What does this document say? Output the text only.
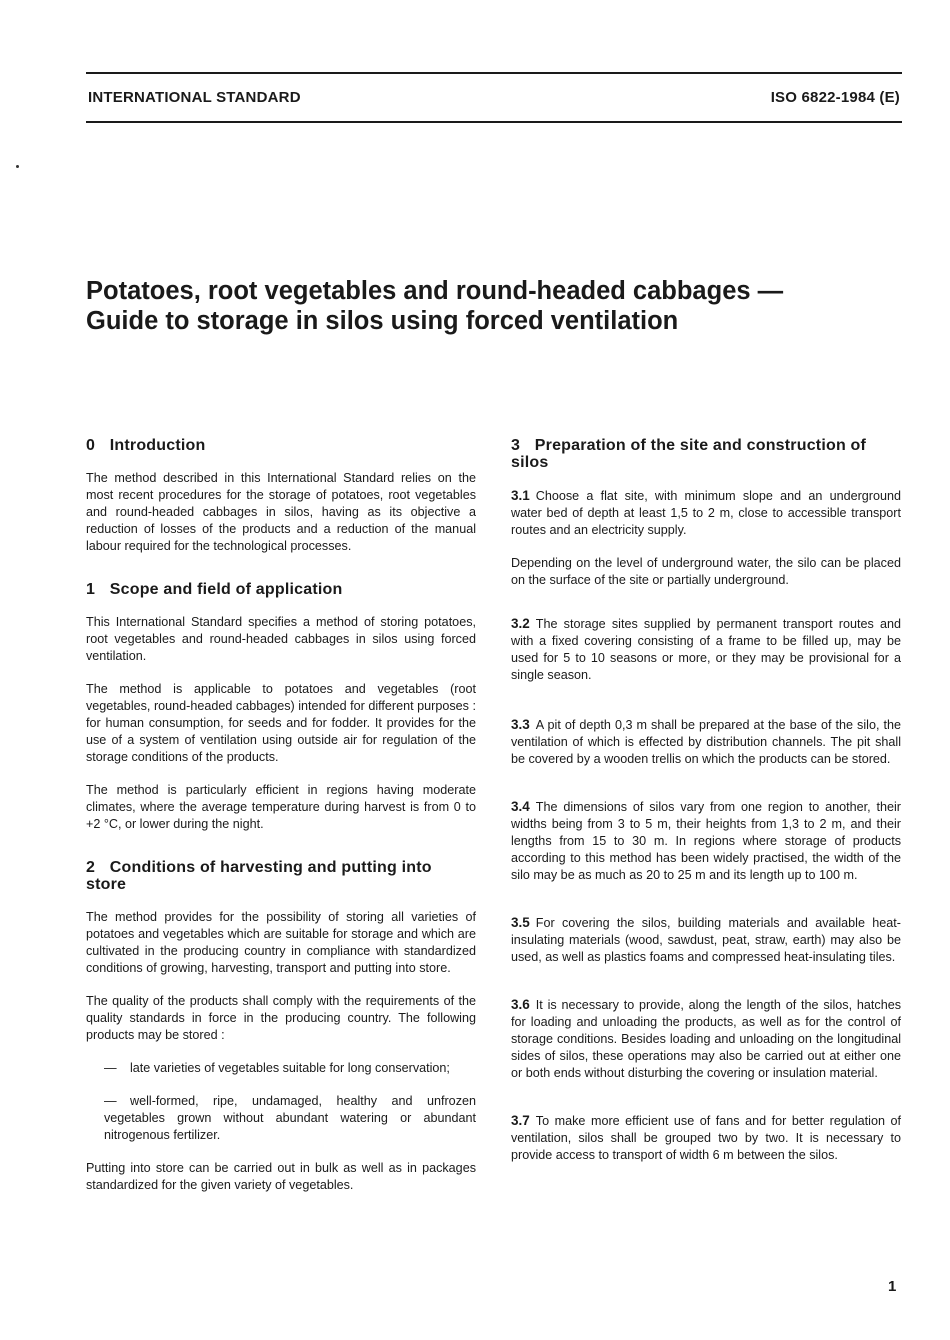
INTERNATIONAL STANDARD	ISO 6822-1984 (E)
Potatoes, root vegetables and round-headed cabbages —
Guide to storage in silos using forced ventilation
0 Introduction

The method described in this International Standard relies on the most recent procedures for the storage of potatoes, root vegetables and round-headed cabbages in silos, having as its objective a reduction of losses of the products and a reduction of the manual labour required for the technological processes.

1 Scope and field of application

This International Standard specifies a method of storing potatoes, root vegetables and round-headed cabbages in silos using forced ventilation.

The method is applicable to potatoes and vegetables (root vegetables, round-headed cabbages) intended for different purposes : for human consumption, for seeds and for fodder. It provides for the use of a system of ventilation using outside air for regulation of the storage conditions of the products.

The method is particularly efficient in regions having moderate climates, where the average temperature during harvest is from 0 to +2 °C, or lower during the night.

2 Conditions of harvesting and putting into store

The method provides for the possibility of storing all varieties of potatoes and vegetables which are suitable for storage and which are cultivated in the producing country in compliance with standardized conditions of growing, harvesting, transport and putting into store.

The quality of the products shall comply with the requirements of the quality standards in force in the producing country. The following products may be stored :

— late varieties of vegetables suitable for long conservation;

— well-formed, ripe, undamaged, healthy and unfrozen vegetables grown without abundant watering or abundant nitrogenous fertilizer.

Putting into store can be carried out in bulk as well as in packages standardized for the given variety of vegetables.

3 Preparation of the site and construction of silos

3.1 Choose a flat site, with minimum slope and an underground water bed of depth at least 1,5 to 2 m, close to accessible transport routes and an electricity supply.

Depending on the level of underground water, the silo can be placed on the surface of the site or partially underground.

3.2 The storage sites supplied by permanent transport routes and with a fixed covering consisting of a frame to be filled up, may be used for 5 to 10 seasons or more, or they may be provisional for a single season.

3.3 A pit of depth 0,3 m shall be prepared at the base of the silo, the ventilation of which is effected by distribution channels. The pit shall be covered by a wooden trellis on which the products can be stored.

3.4 The dimensions of silos vary from one region to another, their widths being from 3 to 5 m, their heights from 1,3 to 2 m, and their lengths from 15 to 30 m. In regions where storage of products according to this method has been widely practised, the width of the silo may be as much as 20 to 25 m and its length up to 100 m.

3.5 For covering the silos, building materials and available heat-insulating materials (wood, sawdust, peat, straw, earth) may also be used, as well as plastics foams and compressed heat-insulating tiles.

3.6 It is necessary to provide, along the length of the silos, hatches for loading and unloading the products, as well as for the control of storage conditions. Besides loading and unloading on the longitudinal sides of silos, these operations may also be carried out at either one or both ends without disturbing the covering or insulation material.

3.7 To make more efficient use of fans and for better regulation of ventilation, silos shall be grouped two by two. It is necessary to provide access to transport of width 6 m between the silos.

1
